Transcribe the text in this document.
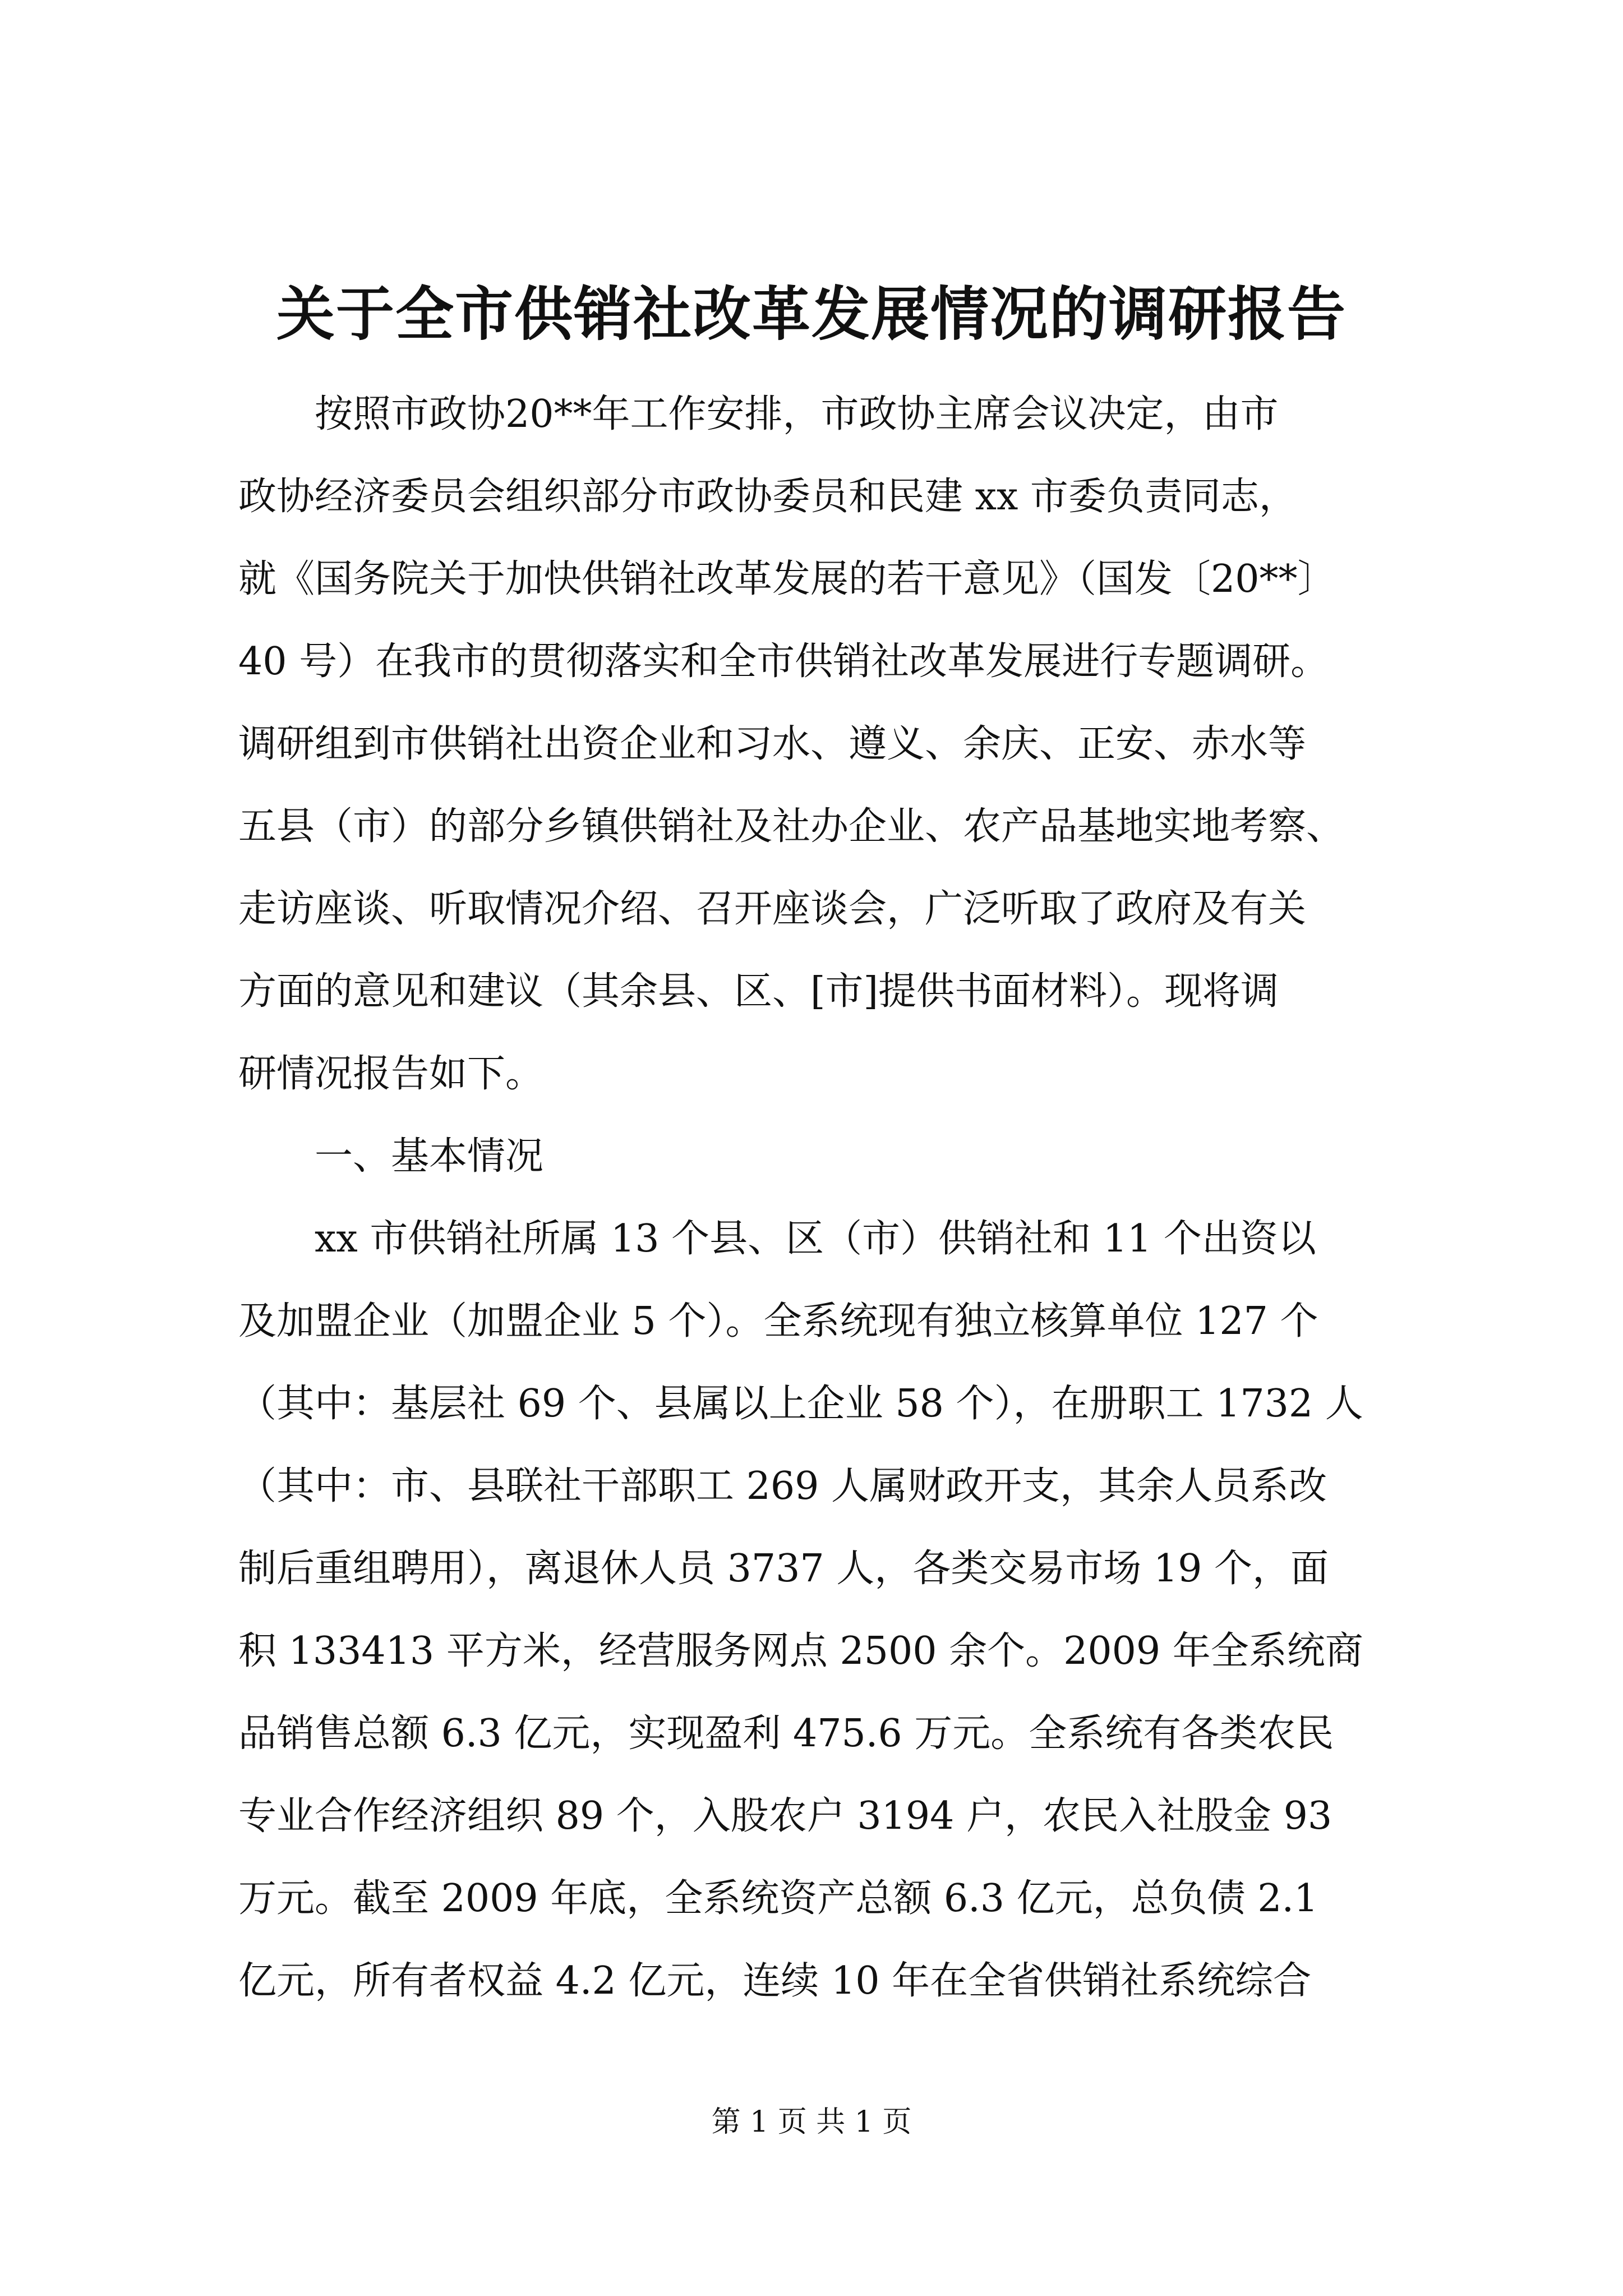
关于全市供销社改革发展情况的调研报告
　　按照市政协20**年工作安排，市政协主席会议决定，由市
政协经济委员会组织部分市政协委员和民建 xx 市委负责同志，
就《国务院关于加快供销社改革发展的若干意见》（国发〔20**〕
40 号）在我市的贯彻落实和全市供销社改革发展进行专题调研。
调研组到市供销社出资企业和习水、遵义、余庆、正安、赤水等
五县（市）的部分乡镇供销社及社办企业、农产品基地实地考察、
走访座谈、听取情况介绍、召开座谈会，广泛听取了政府及有关
方面的意见和建议（其余县、区、[市]提供书面材料）。现将调
研情况报告如下。
　　一、基本情况
　　xx 市供销社所属 13 个县、区（市）供销社和 11 个出资以
及加盟企业（加盟企业 5 个）。全系统现有独立核算单位 127 个
（其中：基层社 69 个、县属以上企业 58 个），在册职工 1732 人
（其中：市、县联社干部职工 269 人属财政开支，其余人员系改
制后重组聘用），离退休人员 3737 人，各类交易市场 19 个，面
积 133413 平方米，经营服务网点 2500 余个。2009 年全系统商
品销售总额 6.3 亿元，实现盈利 475.6 万元。全系统有各类农民
专业合作经济组织 89 个，入股农户 3194 户，农民入社股金 93
万元。截至 2009 年底，全系统资产总额 6.3 亿元，总负债 2.1
亿元，所有者权益 4.2 亿元，连续 10 年在全省供销社系统综合
第 1 页 共 1 页
